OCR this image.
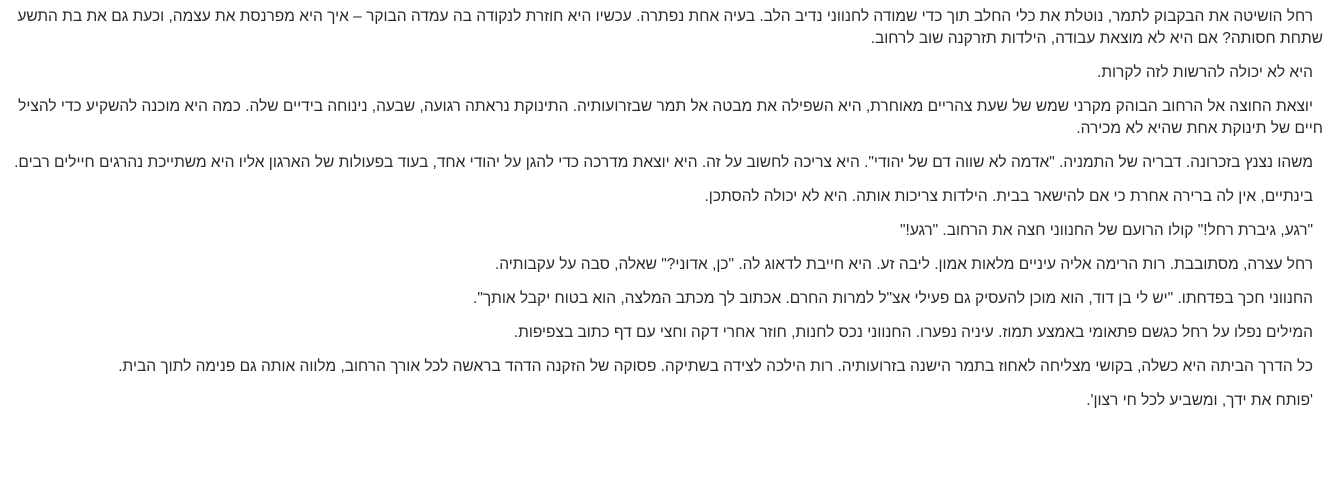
רחל הושיטה את הבקבוק לתמר, נוטלת את כלי החלב תוך כדי שמודה לחנווני נדיב הלב. בעיה אחת נפתרה. עכשיו היא חוזרת לנקודה בה עמדה הבוקר – איך היא מפרנסת את עצמה, וכעת גם את בת התשע שתחת חסותה? אם היא לא מוצאת עבודה, הילדות תזרקנה שוב לרחוב.

היא לא יכולה להרשות לזה לקרות.

יוצאת החוצה אל הרחוב הבוהק מקרני שמש של שעת צהריים מאוחרת, היא השפילה את מבטה אל תמר שבזרועותיה. התינוקת נראתה רגועה, שבעה, נינוחה בידיים שלה. כמה היא מוכנה להשקיע כדי להציל חיים של תינוקת אחת שהיא לא מכירה.

משהו נצנץ בזכרונה. דבריה של התמניה. "אדמה לא שווה דם של יהודי". היא צריכה לחשוב על זה. היא יוצאת מדרכה כדי להגן על יהודי אחד, בעוד בפעולות של הארגון אליו היא משתייכת נהרגים חיילים רבים.

בינתיים, אין לה ברירה אחרת כי אם להישאר בבית. הילדות צריכות אותה. היא לא יכולה להסתכן.

"רגע, גיברת רחל!" קולו הרועם של החנווני חצה את הרחוב. "רגע!"

רחל עצרה, מסתובבת. רות הרימה אליה עיניים מלאות אמון. ליבה זע. היא חייבת לדאוג לה. "כן, אדוני?" שאלה, סבה על עקבותיה.

החנווני חכך בפדחתו. "יש לי בן דוד, הוא מוכן להעסיק גם פעילי אצ"ל למרות החרם. אכתוב לך מכתב המלצה, הוא בטוח יקבל אותך".

המילים נפלו על רחל כגשם פתאומי באמצע תמוז. עיניה נפערו. החנווני נכס לחנות, חוזר אחרי דקה וחצי עם דף כתוב בצפיפות.

כל הדרך הביתה היא כשלה, בקושי מצליחה לאחוז בתמר הישנה בזרועותיה. רות הילכה לצידה בשתיקה. פסוקה של הזקנה הדהד בראשה לכל אורך הרחוב, מלווה אותה גם פנימה לתוך הבית.

'פותח את ידך, ומשביע לכל חי רצון'.
